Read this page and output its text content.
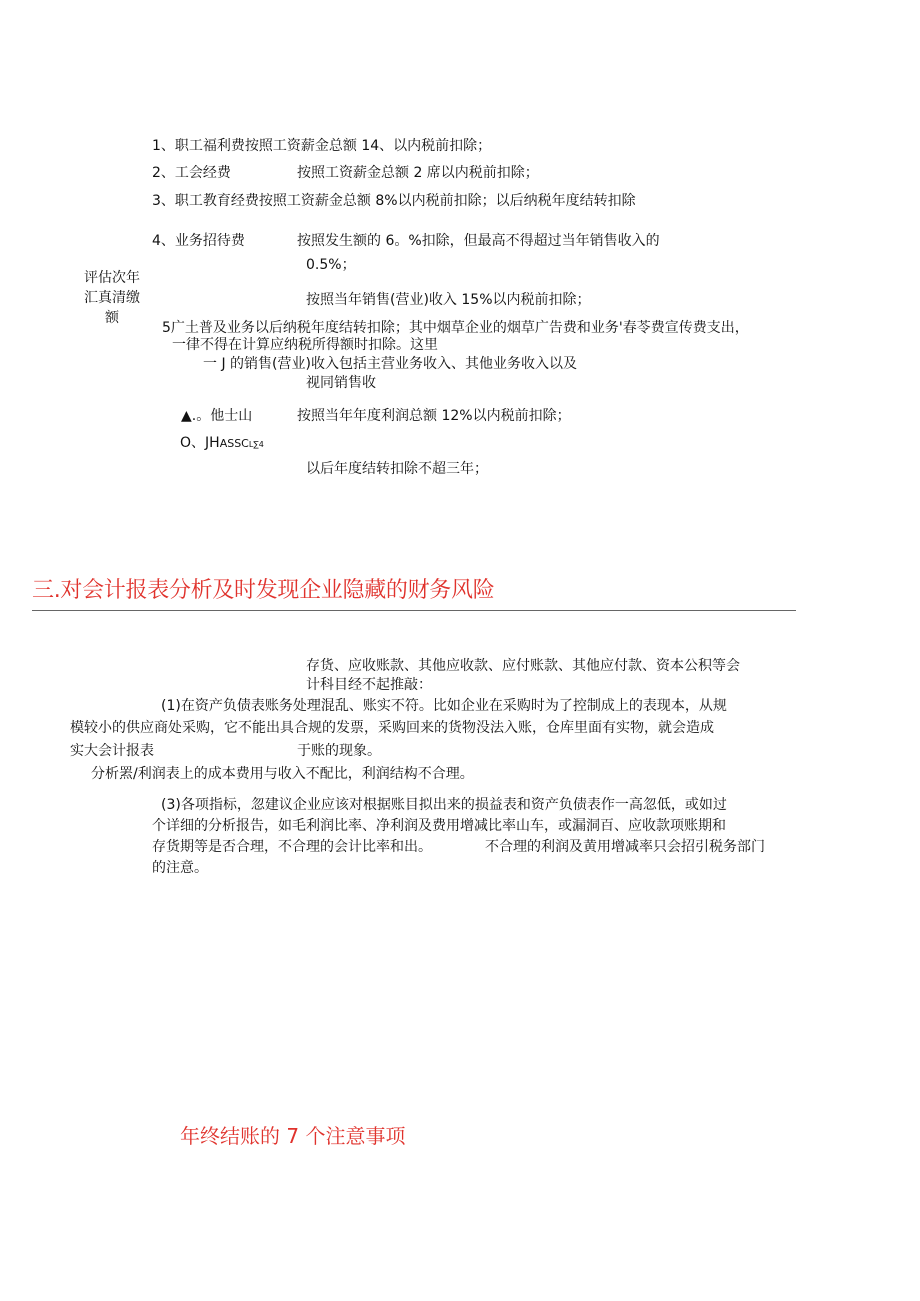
1、职工福利费按照工资薪金总额 14、以内税前扣除；
2、工会经费	按照工资薪金总额 2 席以内税前扣除；
3、职工教育经费按照工资薪金总额 8%以内税前扣除；以后纳税年度结转扣除
4、业务招待费	按照发生额的 6。%扣除，但最高不得超过当年销售收入的
0.5%；
评估次年
汇真清缴
额
按照当年销售(营业)收入 15%以内税前扣除；
5广土普及业务以后纳税年度结转扣除；其中烟草企业的烟草广告费和业务'春苓费宣传费支出，
一律不得在计算应纳税所得额时扣除。这里
一 J 的销售(营业)收入包括主营业务收入、其他业务收入以及
视同销售收
▲.。他士山	按照当年年度利润总额 12%以内税前扣除；
O、JHASSCL∑4
以后年度结转扣除不超三年；
三.对会计报表分析及时发现企业隐藏的财务风险
存货、应收账款、其他应收款、应付账款、其他应付款、资本公积等会
计科目经不起推敲：
(1)在资产负债表账务处理混乱、账实不符。比如企业在采购时为了控制成上的表现本，从规
模较小的供应商处采购，它不能出具合规的发票，采购回来的货物没法入账，仓库里面有实物，就会造成
实大会计报表	于账的现象。
分析罴/利润表上的成本费用与收入不配比，利润结构不合理。
(3)各项指标，忽建议企业应该对根据账目拟出来的损益表和资产负债表作一高忽低，或如过
个详细的分析报告，如毛利润比率、净利润及费用增减比率山车，或漏洞百、应收款项账期和
存货期等是否合理，不合理的会计比率和出。	不合理的利润及黄用增减率只会招引税务部门
的注意。
年终结账的 7 个注意事项
